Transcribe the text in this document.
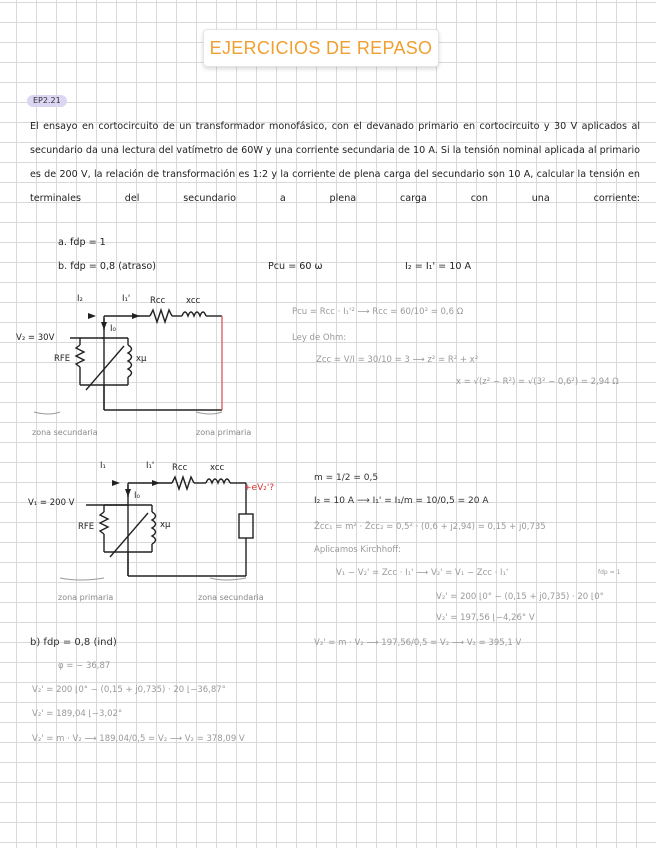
EJERCICIOS DE REPASO
EP2.21
El ensayo en cortocircuito de un transformador monofásico, con el devanado primario en cortocircuito y 30 V aplicados al secundario da una lectura del vatímetro de 60W y una corriente secundaria de 10 A. Si la tensión nominal aplicada al primario es de 200 V, la relación de transformación es 1:2 y la corriente de plena carga del secundario son 10 A, calcular la tensión en terminales del secundario a plena carga con una corriente:
a. fdp = 1
b. fdp = 0,8 (atraso)	Pcu = 60 ω	I₂ = I₁' = 10 A
I₂	I₁' Rcc xcc
I₀
RFE	xμ
V₂ = 30V
zona secundaria	zona primaria
Pcu = Rcc · I₁'² ⟶ Rcc = 60/10² = 0,6 Ω
Ley de Ohm:
Zcc = V/I = 30/10 = 3 ⟶ z² = R² + x²
x = √(z² − R²) = √(3² − 0,6²) = 2,94 Ω
I₁	I₁' Rcc	xcc
I₀
RFE	xμ
V₁ = 200 V
+eV₂'?
zona primaria	zona secundaria
m = 1/2 = 0,5
I₂ = 10 A ⟶ I₁' = I₁/m = 10/0,5 = 20 A
Z̄cc₁ = m² · Z̄cc₂ = 0,5² · (0,6 + j2,94) = 0,15 + j0,735
Aplicamos Kirchhoff:
V₁ − V₂' = Zcc · I₁' ⟶ V₂' = V₁ − Zcc · I₁'	fdp = 1
V₂' = 200 ⌊0° − (0,15 + j0,735) · 20 ⌊0°
V₂' = 197,56 ⌊−4,26° V
V₂' = m · V₂ ⟶ 197,56/0,5 = V₂ ⟶ V₂ = 395,1 V
b) fdp = 0,8 (ind)
φ = − 36,87
V₂' = 200 ⌊0° − (0,15 + j0,735) · 20 ⌊−36,87°
V₂' = 189,04 ⌊−3,02°
V₂' = m · V₂ ⟶ 189,04/0,5 = V₂ ⟶ V₂ = 378,09 V
